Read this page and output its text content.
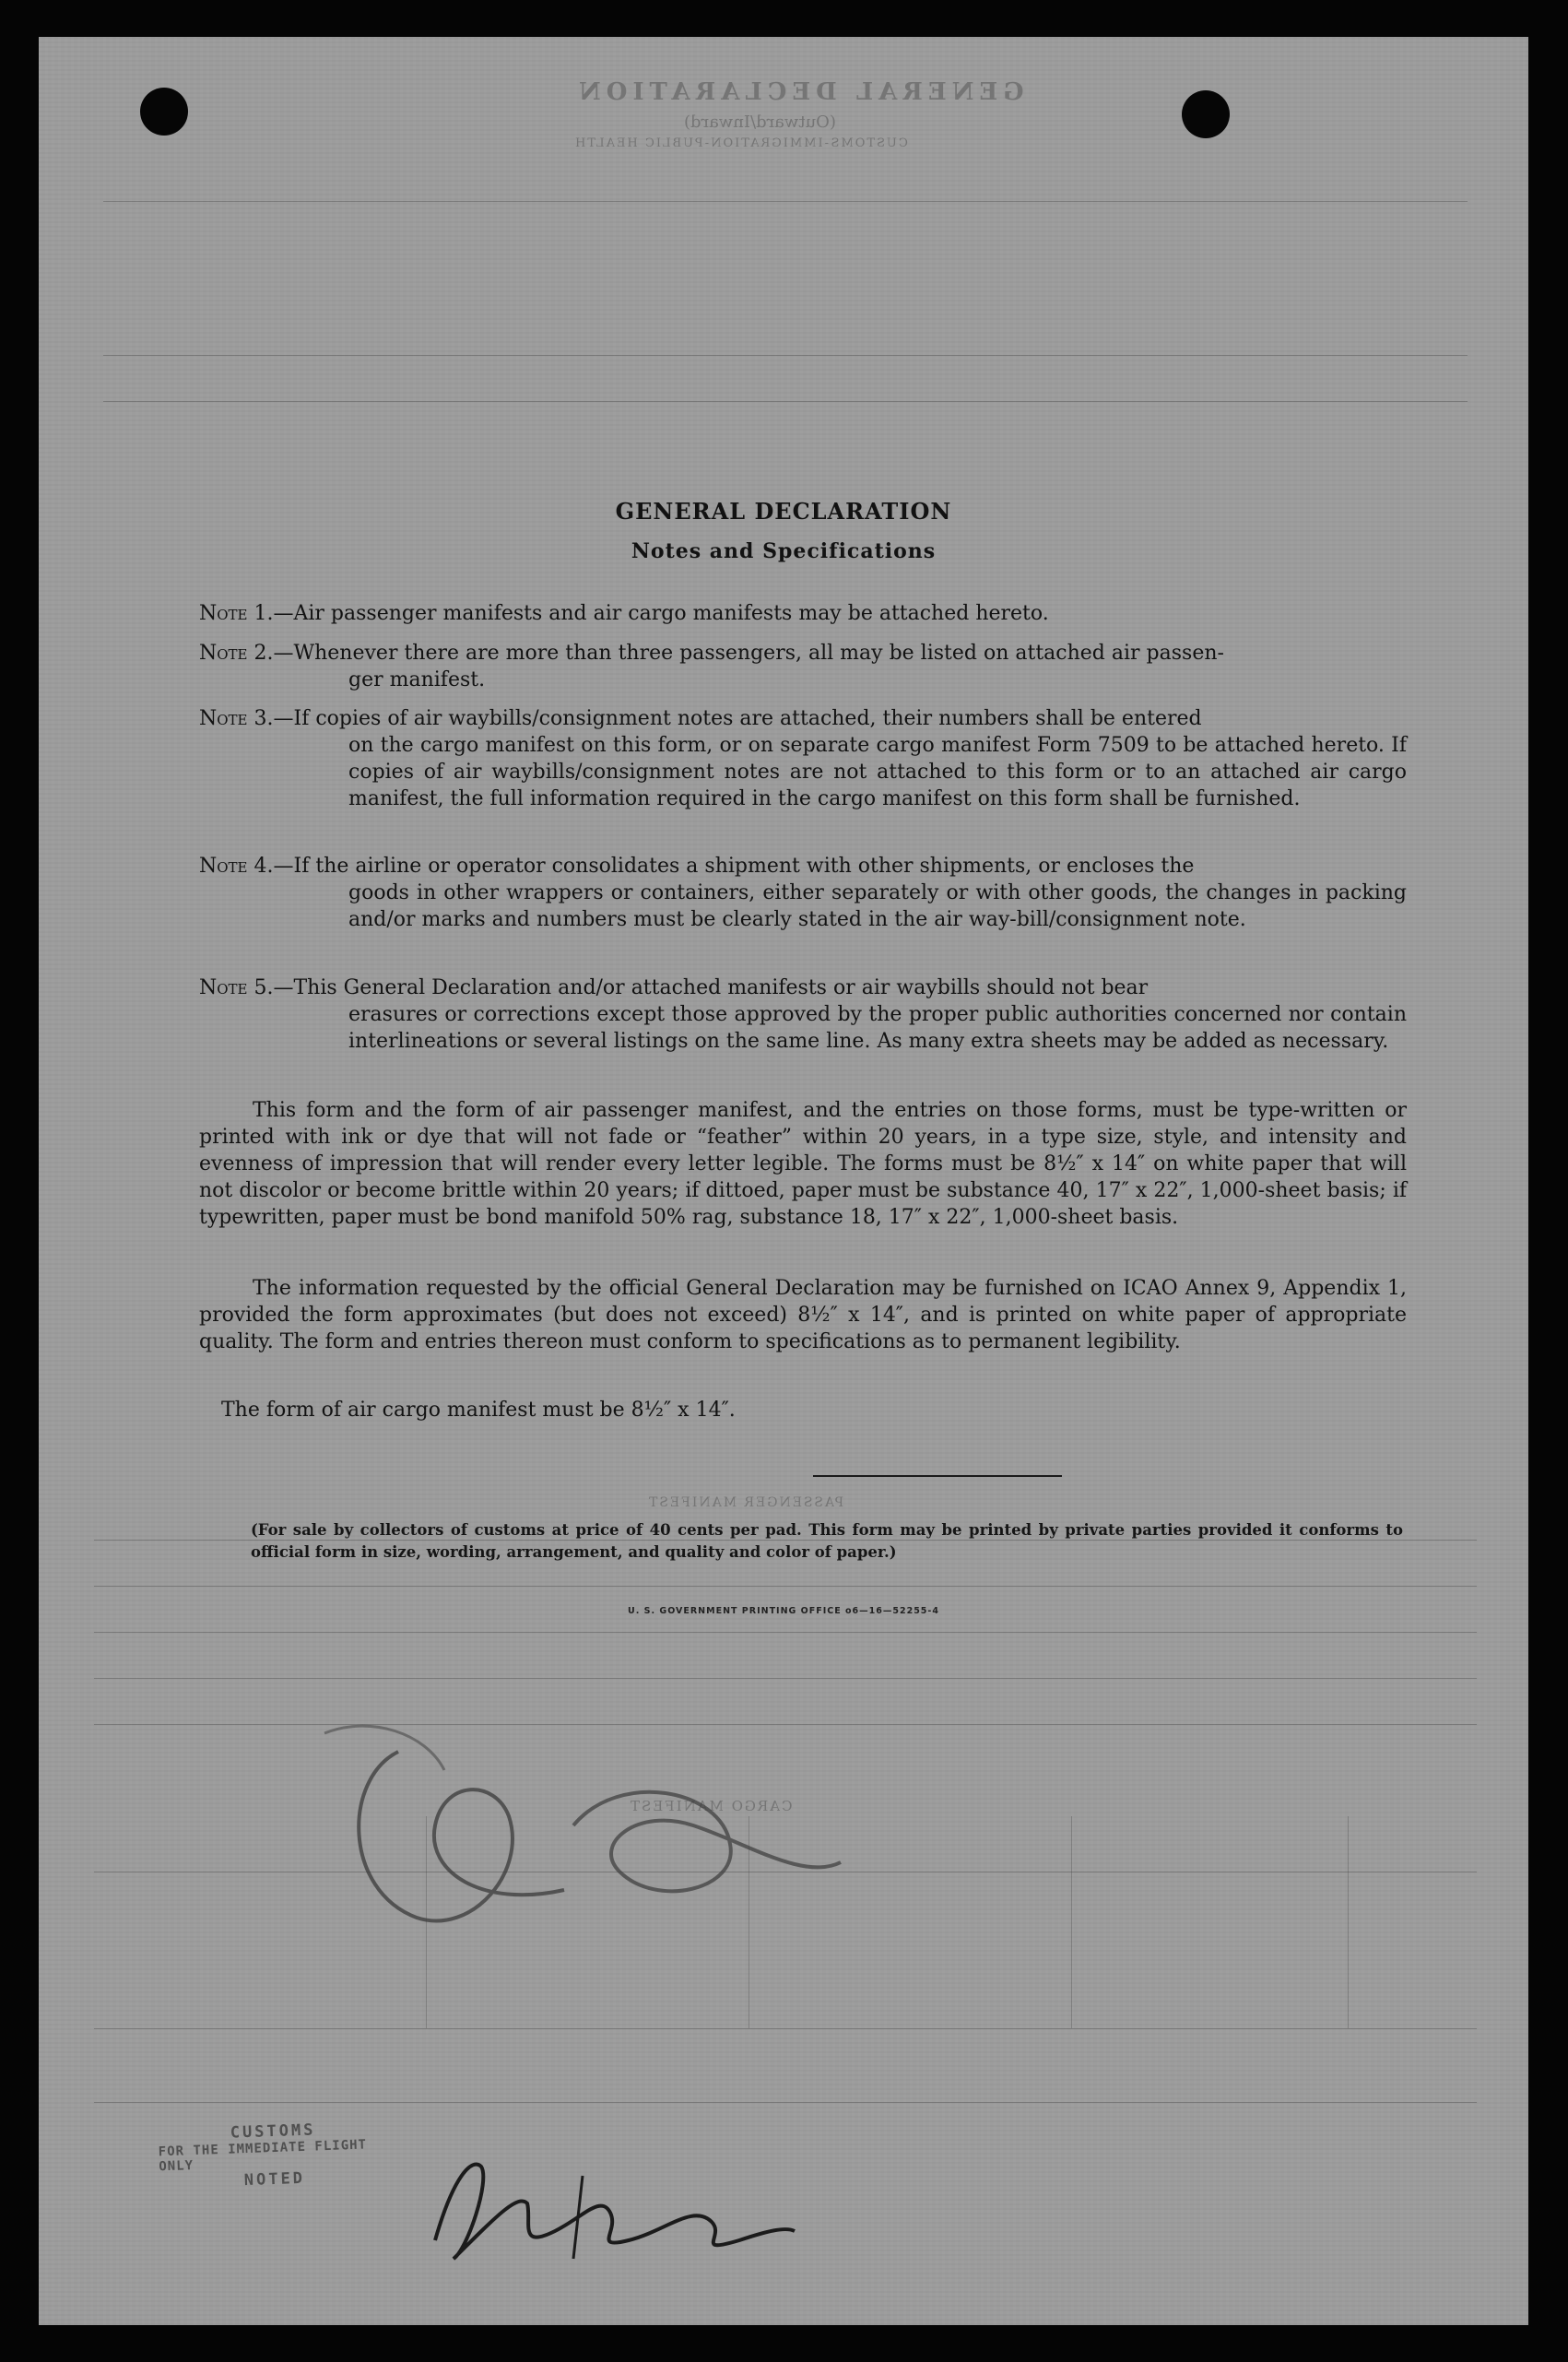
GENERAL DECLARATION
(Outward/Inward)
CUSTOMS-IMMIGRATION-PUBLIC HEALTH
PASSENGER MANIFEST
CARGO MANIFEST
GENERAL DECLARATION
Notes and Specifications
Note 1.—Air passenger manifests and air cargo manifests may be attached hereto.
Note 2.—Whenever there are more than three passengers, all may be listed on attached air passen-
ger manifest.
Note 3.—If copies of air waybills/consignment notes are attached, their numbers shall be entered
on the cargo manifest on this form, or on separate cargo manifest Form 7509 to be attached hereto. If copies of air waybills/consignment notes are not attached to this form or to an attached air cargo manifest, the full information required in the cargo manifest on this form shall be furnished.
Note 4.—If the airline or operator consolidates a shipment with other shipments, or encloses the
goods in other wrappers or containers, either separately or with other goods, the changes in packing and/or marks and numbers must be clearly stated in the air way-bill/consignment note.
Note 5.—This General Declaration and/or attached manifests or air waybills should not bear
erasures or corrections except those approved by the proper public authorities concerned nor contain interlineations or several listings on the same line. As many extra sheets may be added as necessary.
This form and the form of air passenger manifest, and the entries on those forms, must be type-written or printed with ink or dye that will not fade or “feather” within 20 years, in a type size, style, and intensity and evenness of impression that will render every letter legible. The forms must be 8½″ x 14″ on white paper that will not discolor or become brittle within 20 years; if dittoed, paper must be substance 40, 17″ x 22″, 1,000-sheet basis; if typewritten, paper must be bond manifold 50% rag, substance 18, 17″ x 22″, 1,000-sheet basis.
The information requested by the official General Declaration may be furnished on ICAO Annex 9, Appendix 1, provided the form approximates (but does not exceed) 8½″ x 14″, and is printed on white paper of appropriate quality. The form and entries thereon must conform to specifications as to permanent legibility.
The form of air cargo manifest must be 8½″ x 14″.
(For sale by collectors of customs at price of 40 cents per pad. This form may be printed by private parties provided it conforms to official form in size, wording, arrangement, and quality and color of paper.)
U. S. GOVERNMENT PRINTING OFFICE o6—16—52255-4
CUSTOMS
FOR THE IMMEDIATE FLIGHT ONLY
NOTED
